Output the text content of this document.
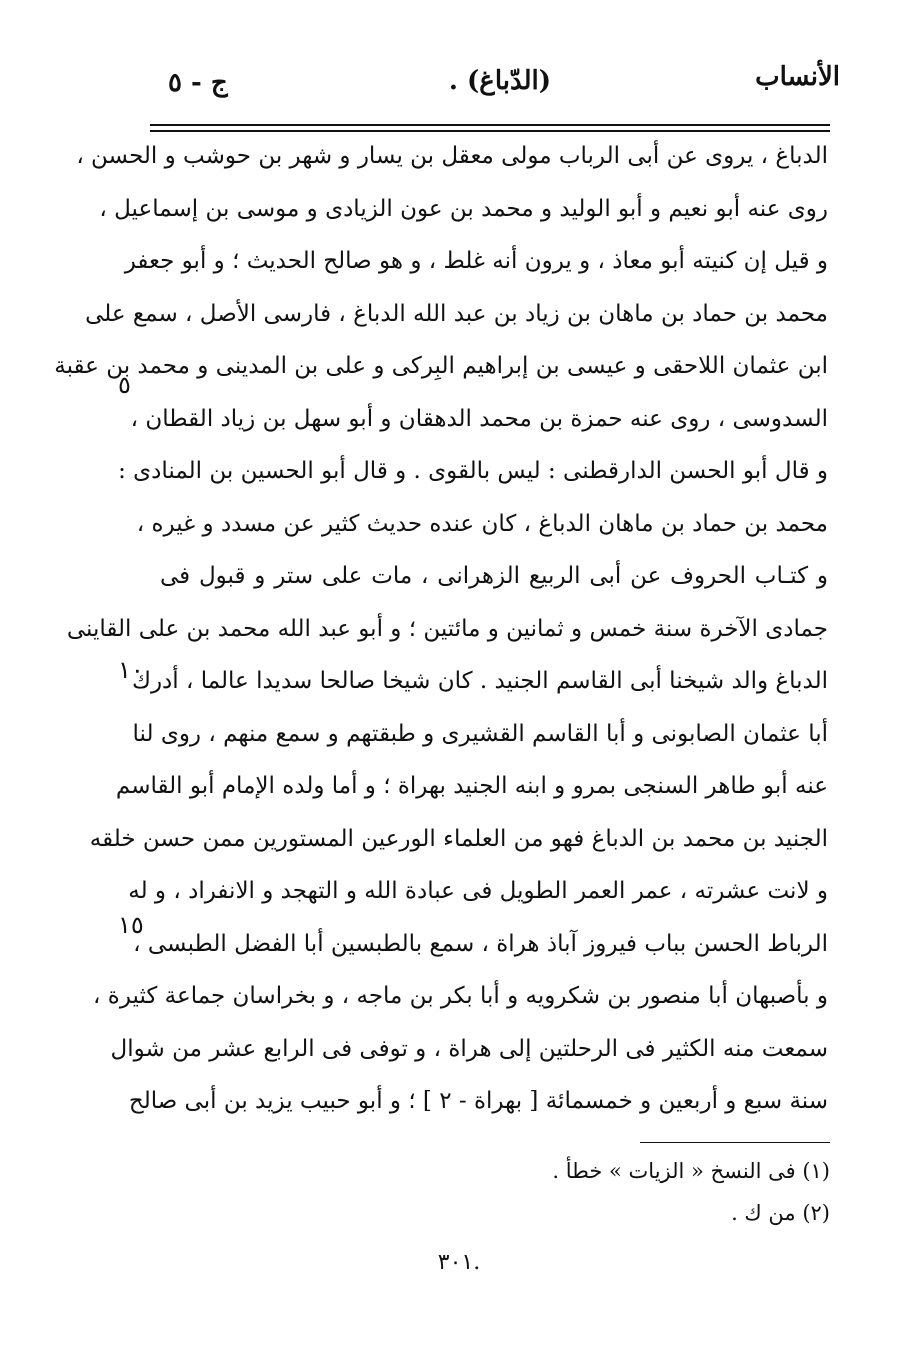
الأنساب
(الدّباغ) .
ج - ٥
الدباغ ، يروى عن أبى الرباب مولى معقل بن يسار و شهر بن حوشب و الحسن ،
روى عنه أبو نعيم و أبو الوليد و محمد بن عون الزيادى‌ و موسى بن إسماعيل ،
و قيل إن كنيته أبو معاذ ، و يرون أنه غلط ، و هو صالح الحديث ؛ و أبو جعفر
محمد بن حماد بن ماهان بن زياد بن عبد الله الدباغ ، فارسى الأصل ، سمع على
ابن عثمان اللاحقى و عيسى بن إبراهيم البِركى و على بن المدينى و محمد بن عقبة
السدوسى ، روى عنه حمزة بن محمد الدهقان و أبو سهل بن زياد القطان ،
و قال أبو الحسن الدارقطنى : ليس بالقوى . و قال أبو الحسين بن المنادى :
محمد بن حماد بن ماهان الدباغ ، كان عنده حديث كثير عن مسدد و غيره ،
و كتـاب الحروف عن أبى الربيع الزهرانى ، مات على ستر و قبول فى
جمادى الآخرة سنة خمس و ثمانين و مائتين ؛ و أبو عبد الله محمد بن على القاينى
الدباغ والد شيخنا أبى القاسم الجنيد . كان شيخا صالحا سديدا عالما ، أدرك
أبا عثمان الصابونى و أبا القاسم القشيرى و طبقتهم و سمع منهم ، روى لنا
عنه أبو طاهر السنجى بمرو و ابنه الجنيد بهراة ؛ و أما ولده الإمام أبو القاسم
الجنيد بن محمد بن الدباغ فهو من العلماء الورعين المستورين ممن حسن خلقه
و لانت عشرته ، عمر العمر الطويل فى عبادة الله و التهجد و الانفراد ، و له
الرباط الحسن بباب فيروز آباذ هراة ، سمع بالطبسين أبا الفضل الطبسى ،
و بأصبهان أبا منصور بن شكرويه و أبا بكر بن ماجه ، و بخراسان جماعة كثيرة ،
سمعت منه الكثير فى الرحلتين إلى هراة ، و توفى فى الرابع عشر من شوال
سنة سبع و أربعين و خمسمائة [ بهراة - ٢ ] ؛ و أبو حبيب يزيد بن أبى صالح
٥
١٠
١٥
(١) فى النسخ « الزيات » خطأ .
(٢) من ك .
.٣٠١
